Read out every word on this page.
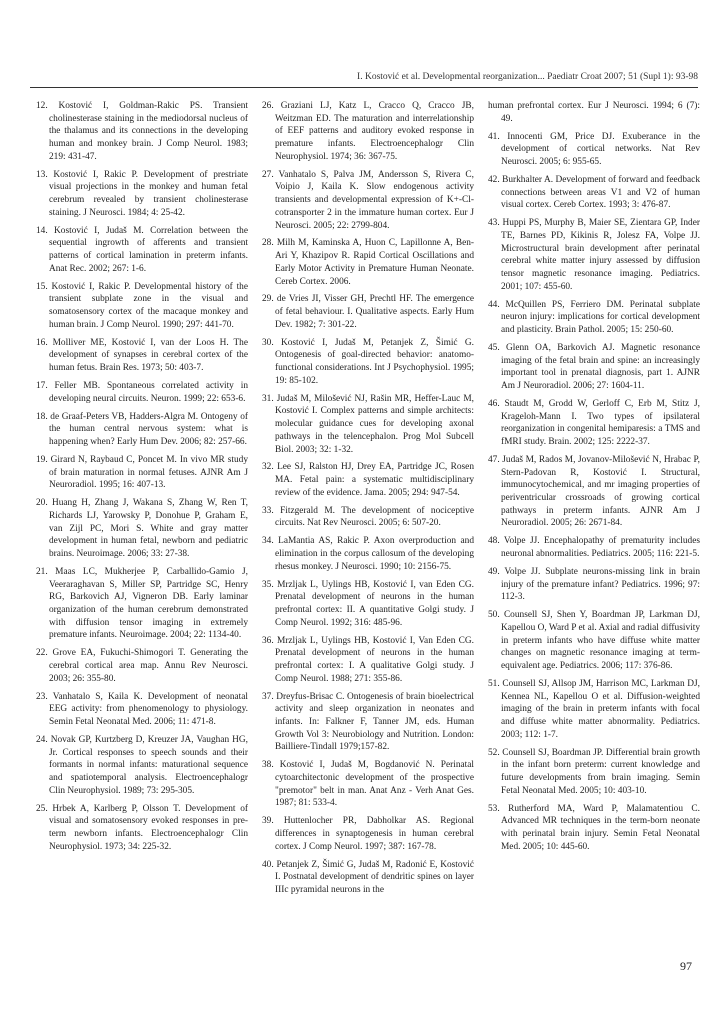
I. Kostović et al. Developmental reorganization... Paediatr Croat 2007; 51 (Supl 1): 93-98

12. Kostović I, Goldman-Rakic PS. Transient cholinesterase staining in the mediodorsal nucleus of the thalamus and its connections in the developing human and monkey brain. J Comp Neurol. 1983; 219: 431-47.

13. Kostović I, Rakic P. Development of prestriate visual projections in the monkey and human fetal cerebrum revealed by transient cholinesterase staining. J Neurosci. 1984; 4: 25-42.

14. Kostović I, Judaš M. Correlation between the sequential ingrowth of afferents and transient patterns of cortical lamination in preterm infants. Anat Rec. 2002; 267: 1-6.

15. Kostović I, Rakic P. Developmental history of the transient subplate zone in the visual and somatosensory cortex of the macaque monkey and human brain. J Comp Neurol. 1990; 297: 441-70.

16. Molliver ME, Kostović I, van der Loos H. The development of synapses in cerebral cortex of the human fetus. Brain Res. 1973; 50: 403-7.

17. Feller MB. Spontaneous correlated activity in developing neural circuits. Neuron. 1999; 22: 653-6.

18. de Graaf-Peters VB, Hadders-Algra M. Ontogeny of the human central nervous system: what is happening when? Early Hum Dev. 2006; 82: 257-66.

19. Girard N, Raybaud C, Poncet M. In vivo MR study of brain maturation in normal fetuses. AJNR Am J Neuroradiol. 1995; 16: 407-13.

20. Huang H, Zhang J, Wakana S, Zhang W, Ren T, Richards LJ, Yarowsky P, Donohue P, Graham E, van Zijl PC, Mori S. White and gray matter development in human fetal, newborn and pediatric brains. Neuroimage. 2006; 33: 27-38.

21. Maas LC, Mukherjee P, Carballido-Gamio J, Veeraraghavan S, Miller SP, Partridge SC, Henry RG, Barkovich AJ, Vigneron DB. Early laminar organization of the human cerebrum demonstrated with diffusion tensor imaging in extremely premature infants. Neuroimage. 2004; 22: 1134-40.

22. Grove EA, Fukuchi-Shimogori T. Generating the cerebral cortical area map. Annu Rev Neurosci. 2003; 26: 355-80.

23. Vanhatalo S, Kaila K. Development of neonatal EEG activity: from phenomenology to physiology. Semin Fetal Neonatal Med. 2006; 11: 471-8.

24. Novak GP, Kurtzberg D, Kreuzer JA, Vaughan HG, Jr. Cortical responses to speech sounds and their formants in normal infants: maturational sequence and spatiotemporal analysis. Electroencephalogr Clin Neurophysiol. 1989; 73: 295-305.

25. Hrbek A, Karlberg P, Olsson T. Development of visual and somatosensory evoked responses in pre-term newborn infants. Electroencephalogr Clin Neurophysiol. 1973; 34: 225-32.

26. Graziani LJ, Katz L, Cracco Q, Cracco JB, Weitzman ED. The maturation and interrelationship of EEF patterns and auditory evoked response in premature infants. Electroencephalogr Clin Neurophysiol. 1974; 36: 367-75.

27. Vanhatalo S, Palva JM, Andersson S, Rivera C, Voipio J, Kaila K. Slow endogenous activity transients and developmental expression of K+-Cl- cotransporter 2 in the immature human cortex. Eur J Neurosci. 2005; 22: 2799-804.

28. Milh M, Kaminska A, Huon C, Lapillonne A, Ben-Ari Y, Khazipov R. Rapid Cortical Oscillations and Early Motor Activity in Premature Human Neonate. Cereb Cortex. 2006.

29. de Vries JI, Visser GH, Prechtl HF. The emergence of fetal behaviour. I. Qualitative aspects. Early Hum Dev. 1982; 7: 301-22.

30. Kostović I, Judaš M, Petanjek Z, Šimić G. Ontogenesis of goal-directed behavior: anatomo-functional considerations. Int J Psychophysiol. 1995; 19: 85-102.

31. Judaš M, Milošević NJ, Rašin MR, Heffer-Lauc M, Kostović I. Complex patterns and simple architects: molecular guidance cues for developing axonal pathways in the telencephalon. Prog Mol Subcell Biol. 2003; 32: 1-32.

32. Lee SJ, Ralston HJ, Drey EA, Partridge JC, Rosen MA. Fetal pain: a systematic multidisciplinary review of the evidence. Jama. 2005; 294: 947-54.

33. Fitzgerald M. The development of nociceptive circuits. Nat Rev Neurosci. 2005; 6: 507-20.

34. LaMantia AS, Rakic P. Axon overproduction and elimination in the corpus callosum of the developing rhesus monkey. J Neurosci. 1990; 10: 2156-75.

35. Mrzljak L, Uylings HB, Kostović I, van Eden CG. Prenatal development of neurons in the human prefrontal cortex: II. A quantitative Golgi study. J Comp Neurol. 1992; 316: 485-96.

36. Mrzljak L, Uylings HB, Kostović I, Van Eden CG. Prenatal development of neurons in the human prefrontal cortex: I. A qualitative Golgi study. J Comp Neurol. 1988; 271: 355-86.

37. Dreyfus-Brisac C. Ontogenesis of brain bioelectrical activity and sleep organization in neonates and infants. In: Falkner F, Tanner JM, eds. Human Growth Vol 3: Neurobiology and Nutrition. London: Bailliere-Tindall 1979;157-82.

38. Kostović I, Judaš M, Bogdanović N. Perinatal cytoarchitectonic development of the prospective "premotor" belt in man. Anat Anz - Verh Anat Ges. 1987; 81: 533-4.

39. Huttenlocher PR, Dabholkar AS. Regional differences in synaptogenesis in human cerebral cortex. J Comp Neurol. 1997; 387: 167-78.

40. Petanjek Z, Šimić G, Judaš M, Radonić E, Kostović I. Postnatal development of dendritic spines on layer IIIc pyramidal neurons in the

human prefrontal cortex. Eur J Neurosci. 1994; 6 (7): 49.

41. Innocenti GM, Price DJ. Exuberance in the development of cortical networks. Nat Rev Neurosci. 2005; 6: 955-65.

42. Burkhalter A. Development of forward and feedback connections between areas V1 and V2 of human visual cortex. Cereb Cortex. 1993; 3: 476-87.

43. Huppi PS, Murphy B, Maier SE, Zientara GP, Inder TE, Barnes PD, Kikinis R, Jolesz FA, Volpe JJ. Microstructural brain development after perinatal cerebral white matter injury assessed by diffusion tensor magnetic resonance imaging. Pediatrics. 2001; 107: 455-60.

44. McQuillen PS, Ferriero DM. Perinatal subplate neuron injury: implications for cortical development and plasticity. Brain Pathol. 2005; 15: 250-60.

45. Glenn OA, Barkovich AJ. Magnetic resonance imaging of the fetal brain and spine: an increasingly important tool in prenatal diagnosis, part 1. AJNR Am J Neuroradiol. 2006; 27: 1604-11.

46. Staudt M, Grodd W, Gerloff C, Erb M, Stitz J, Krageloh-Mann I. Two types of ipsilateral reorganization in congenital hemiparesis: a TMS and fMRI study. Brain. 2002; 125: 2222-37.

47. Judaš M, Rados M, Jovanov-Milošević N, Hrabac P, Stern-Padovan R, Kostović I. Structural, immunocytochemical, and mr imaging properties of periventricular crossroads of growing cortical pathways in preterm infants. AJNR Am J Neuroradiol. 2005; 26: 2671-84.

48. Volpe JJ. Encephalopathy of prematurity includes neuronal abnormalities. Pediatrics. 2005; 116: 221-5.

49. Volpe JJ. Subplate neurons-missing link in brain injury of the premature infant? Pediatrics. 1996; 97: 112-3.

50. Counsell SJ, Shen Y, Boardman JP, Larkman DJ, Kapellou O, Ward P et al. Axial and radial diffusivity in preterm infants who have diffuse white matter changes on magnetic resonance imaging at term-equivalent age. Pediatrics. 2006; 117: 376-86.

51. Counsell SJ, Allsop JM, Harrison MC, Larkman DJ, Kennea NL, Kapellou O et al. Diffusion-weighted imaging of the brain in preterm infants with focal and diffuse white matter abnormality. Pediatrics. 2003; 112: 1-7.

52. Counsell SJ, Boardman JP. Differential brain growth in the infant born preterm: current knowledge and future developments from brain imaging. Semin Fetal Neonatal Med. 2005; 10: 403-10.

53. Rutherford MA, Ward P, Malamatentiou C. Advanced MR techniques in the term-born neonate with perinatal brain injury. Semin Fetal Neonatal Med. 2005; 10: 445-60.

97
